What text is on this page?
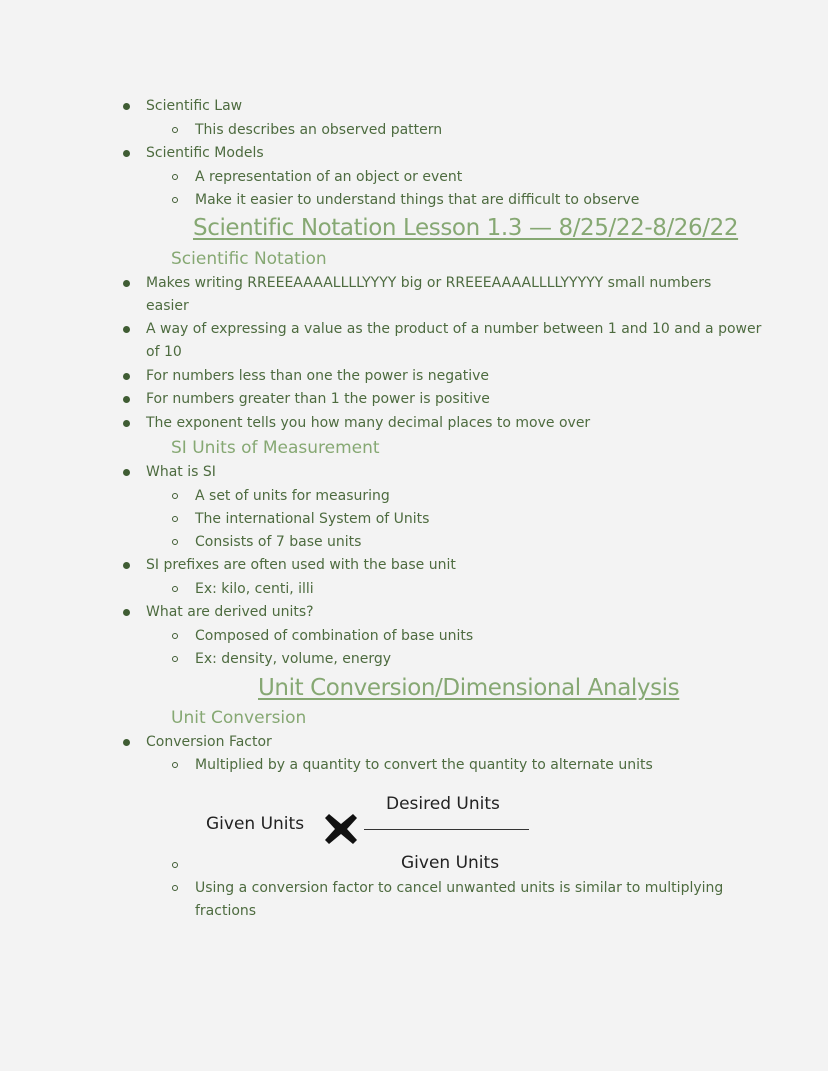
Scientific Law
This describes an observed pattern
Scientific Models
A representation of an object or event
Make it easier to understand things that are difficult to observe
Scientific Notation Lesson 1.3 — 8/25/22-8/26/22
Scientific Notation
Makes writing RREEEAAAALLLLYYYY big or RREEEAAAALLLLYYYYY small numbers
easier
A way of expressing a value as the product of a number between 1 and 10 and a power
of 10
For numbers less than one the power is negative
For numbers greater than 1 the power is positive
The exponent tells you how many decimal places to move over
SI Units of Measurement
What is SI
A set of units for measuring
The international System of Units
Consists of 7 base units
SI prefixes are often used with the base unit
Ex: kilo, centi, illi
What are derived units?
Composed of combination of base units
Ex: density, volume, energy
Unit Conversion/Dimensional Analysis
Unit Conversion
Conversion Factor
Multiplied by a quantity to convert the quantity to alternate units
Given Units
Desired Units
Given Units
Using a conversion factor to cancel unwanted units is similar to multiplying
fractions
